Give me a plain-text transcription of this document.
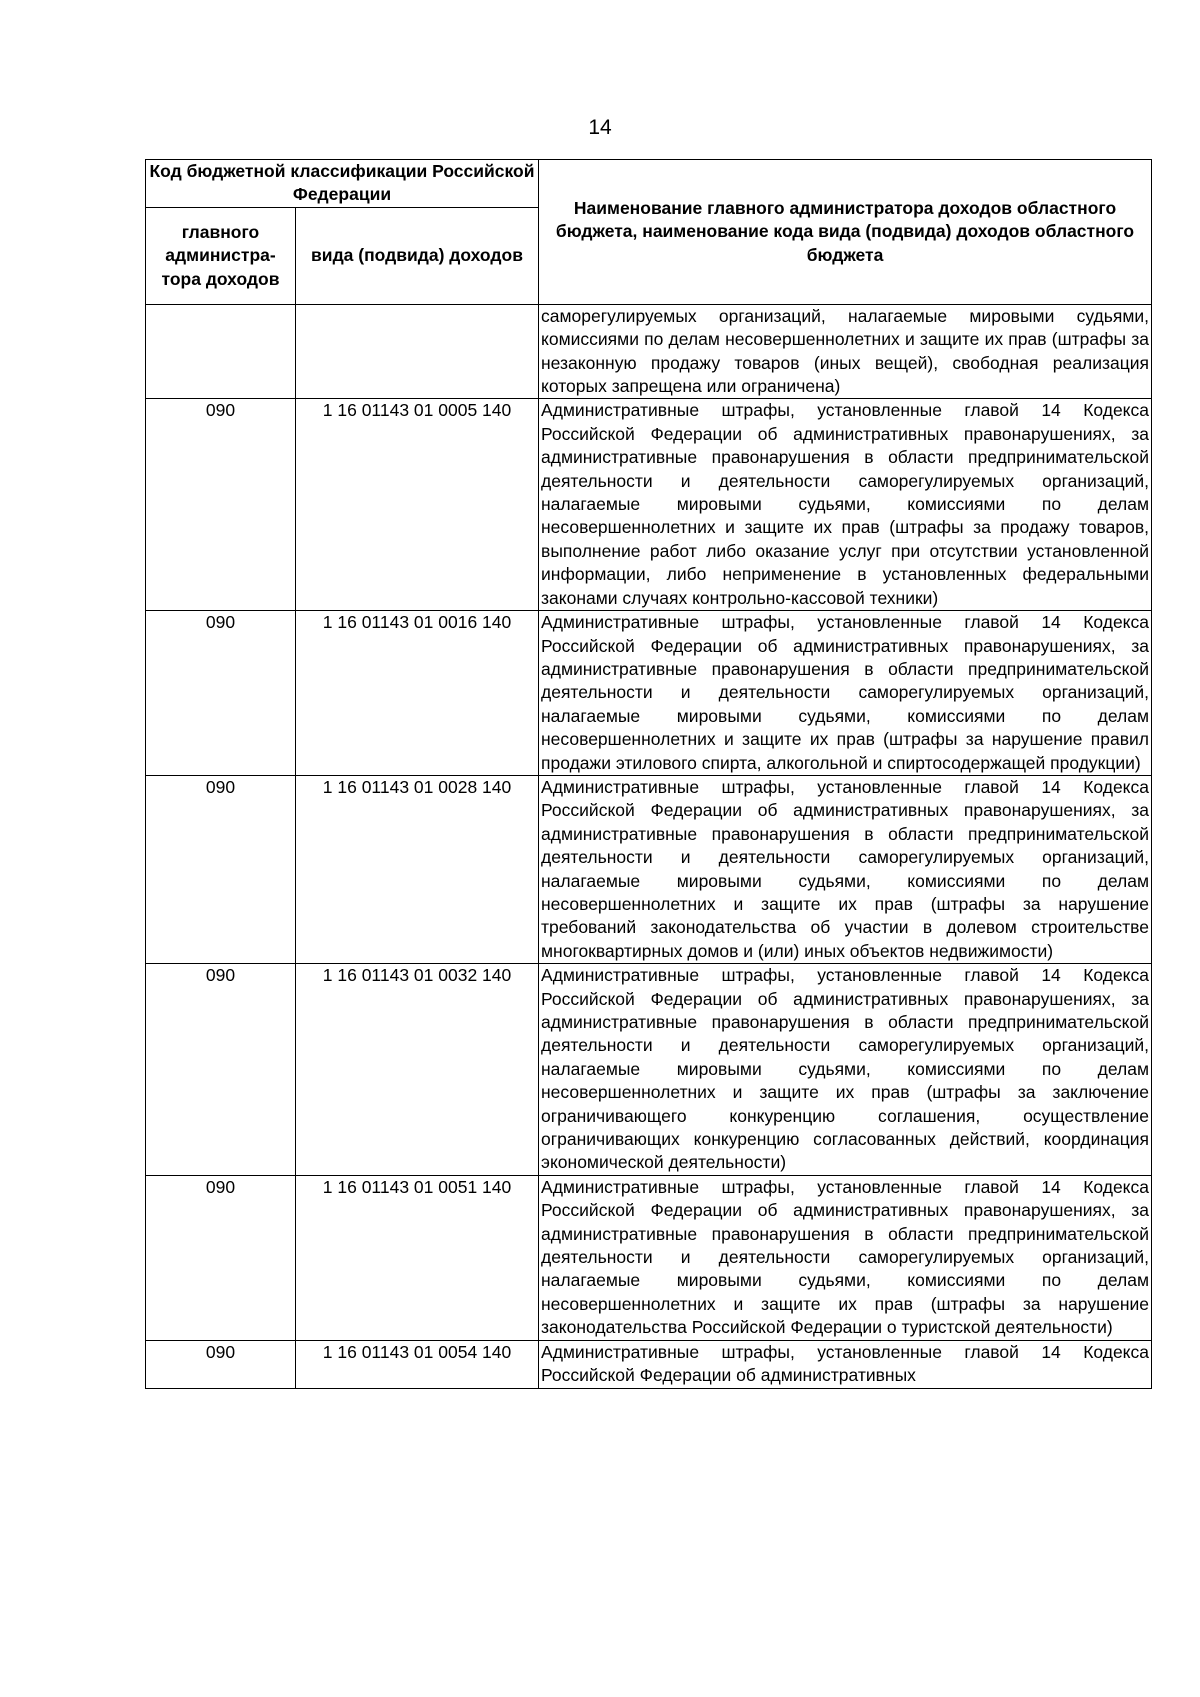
14
Код бюджетной классификации Российской Федерации		Наименование главного администратора доходов областного бюджета, наименование кода вида (подвида) доходов областного бюджета
главного администра-тора доходов	вида (подвида) доходов	
		саморегулируемых организаций, налагаемые мировыми судьями, комиссиями по делам несовершеннолетних и защите их прав (штрафы за незаконную продажу товаров (иных вещей), свободная реализация которых запрещена или ограничена)
090	1 16 01143 01 0005 140	Административные штрафы, установленные главой 14 Кодекса Российской Федерации об административных правонарушениях, за административные правонарушения в области предпринимательской деятельности и деятельности саморегулируемых организаций, налагаемые мировыми судьями, комиссиями по делам несовершеннолетних и защите их прав (штрафы за продажу товаров, выполнение работ либо оказание услуг при отсутствии установленной информации, либо неприменение в установленных федеральными законами случаях контрольно-кассовой техники)
090	1 16 01143 01 0016 140	Административные штрафы, установленные главой 14 Кодекса Российской Федерации об административных правонарушениях, за административные правонарушения в области предпринимательской деятельности и деятельности саморегулируемых организаций, налагаемые мировыми судьями, комиссиями по делам несовершеннолетних и защите их прав (штрафы за нарушение правил продажи этилового спирта, алкогольной и спиртосодержащей продукции)
090	1 16 01143 01 0028 140	Административные штрафы, установленные главой 14 Кодекса Российской Федерации об административных правонарушениях, за административные правонарушения в области предпринимательской деятельности и деятельности саморегулируемых организаций, налагаемые мировыми судьями, комиссиями по делам несовершеннолетних и защите их прав (штрафы за нарушение требований законодательства об участии в долевом строительстве многоквартирных домов и (или) иных объектов недвижимости)
090	1 16 01143 01 0032 140	Административные штрафы, установленные главой 14 Кодекса Российской Федерации об административных правонарушениях, за административные правонарушения в области предпринимательской деятельности и деятельности саморегулируемых организаций, налагаемые мировыми судьями, комиссиями по делам несовершеннолетних и защите их прав (штрафы за заключение ограничивающего конкуренцию соглашения, осуществление ограничивающих конкуренцию согласованных действий, координация экономической деятельности)
090	1 16 01143 01 0051 140	Административные штрафы, установленные главой 14 Кодекса Российской Федерации об административных правонарушениях, за административные правонарушения в области предпринимательской деятельности и деятельности саморегулируемых организаций, налагаемые мировыми судьями, комиссиями по делам несовершеннолетних и защите их прав (штрафы за нарушение законодательства Российской Федерации о туристской деятельности)
090	1 16 01143 01 0054 140	Административные штрафы, установленные главой 14 Кодекса Российской Федерации об административных
